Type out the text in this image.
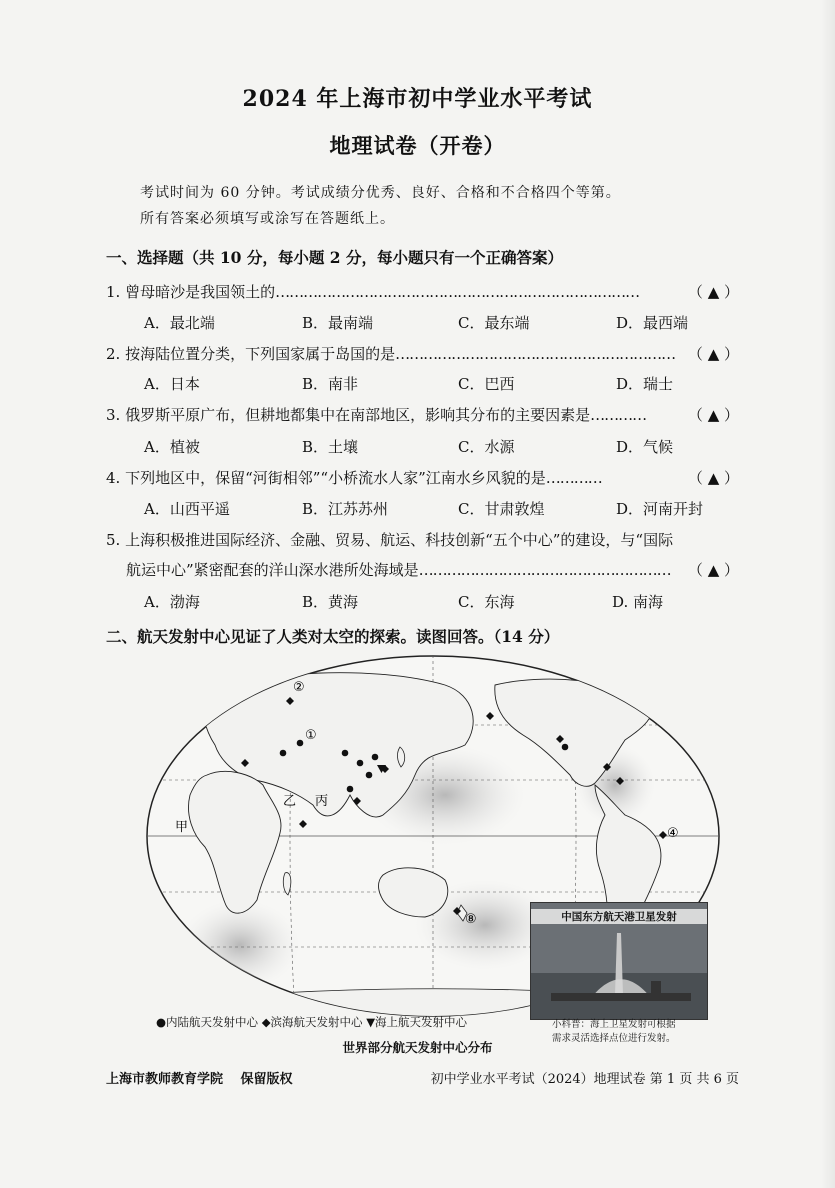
2024 年上海市初中学业水平考试
地理试卷（开卷）
考试时间为 60 分钟。考试成绩分优秀、良好、合格和不合格四个等第。
所有答案必须填写或涂写在答题纸上。
一、选择题（共 10 分，每小题 2 分，每小题只有一个正确答案）
1. 曾母暗沙是我国领土的……………………………………………………………………	（ ▲ ）
A．最北端	B．最南端	C．最东端	D．最西端
2. 按海陆位置分类，下列国家属于岛国的是…………………………………………………… （ ▲ ）
A．日本	B．南非	C．巴西	D．瑞士
3. 俄罗斯平原广布，但耕地都集中在南部地区，影响其分布的主要因素是…………	（ ▲ ）
A．植被	B．土壤	C．水源	D．气候
4. 下列地区中，保留“河街相邻”“小桥流水人家”江南水乡风貌的是…………	（ ▲ ）
A．山西平遥	B．江苏苏州	C．甘肃敦煌	D．河南开封
5. 上海积极推进国际经济、金融、贸易、航运、科技创新“五个中心”的建设，与“国际
航运中心”紧密配套的洋山深水港所处海域是……………………………………………… （ ▲ ）
A．渤海	B．黄海	C．东海	D. 南海
二、航天发射中心见证了人类对太空的探索。读图回答。（14 分）
②
①
④
⑧
甲
乙 丙
中国东方航天港卫星发射
●内陆航天发射中心 ◆滨海航天发射中心 ▼海上航天发射中心
世界部分航天发射中心分布
小科普：海上卫星发射可根据
需求灵活选择点位进行发射。
上海市教师教育学院　 保留版权	初中学业水平考试（2024）地理试卷 第 1 页 共 6 页
